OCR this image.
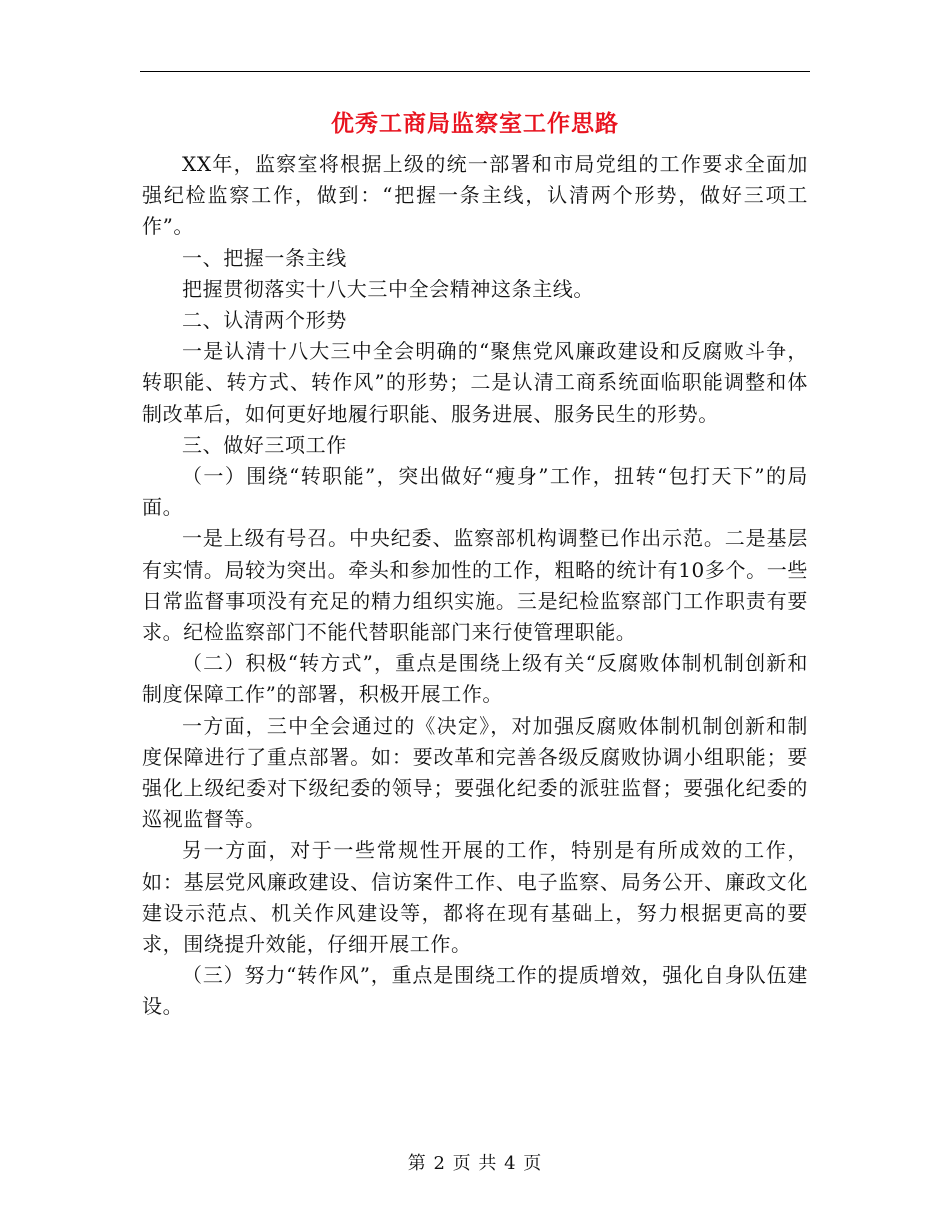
优秀工商局监察室工作思路

XX年，监察室将根据上级的统一部署和市局党组的工作要求全面加强纪检监察工作，做到：“把握一条主线，认清两个形势，做好三项工作”。

一、把握一条主线

把握贯彻落实十八大三中全会精神这条主线。

二、认清两个形势

一是认清十八大三中全会明确的“聚焦党风廉政建设和反腐败斗争，转职能、转方式、转作风”的形势；二是认清工商系统面临职能调整和体制改革后，如何更好地履行职能、服务进展、服务民生的形势。

三、做好三项工作

（一）围绕“转职能”，突出做好“瘦身”工作，扭转“包打天下”的局面。

一是上级有号召。中央纪委、监察部机构调整已作出示范。二是基层有实情。局较为突出。牵头和参加性的工作，粗略的统计有10多个。一些日常监督事项没有充足的精力组织实施。三是纪检监察部门工作职责有要求。纪检监察部门不能代替职能部门来行使管理职能。

（二）积极“转方式”，重点是围绕上级有关“反腐败体制机制创新和制度保障工作”的部署，积极开展工作。

一方面，三中全会通过的《决定》，对加强反腐败体制机制创新和制度保障进行了重点部署。如：要改革和完善各级反腐败协调小组职能；要强化上级纪委对下级纪委的领导；要强化纪委的派驻监督；要强化纪委的巡视监督等。

另一方面，对于一些常规性开展的工作，特别是有所成效的工作，如：基层党风廉政建设、信访案件工作、电子监察、局务公开、廉政文化建设示范点、机关作风建设等，都将在现有基础上，努力根据更高的要求，围绕提升效能，仔细开展工作。

（三）努力“转作风”，重点是围绕工作的提质增效，强化自身队伍建设。

第 2 页 共 4 页
